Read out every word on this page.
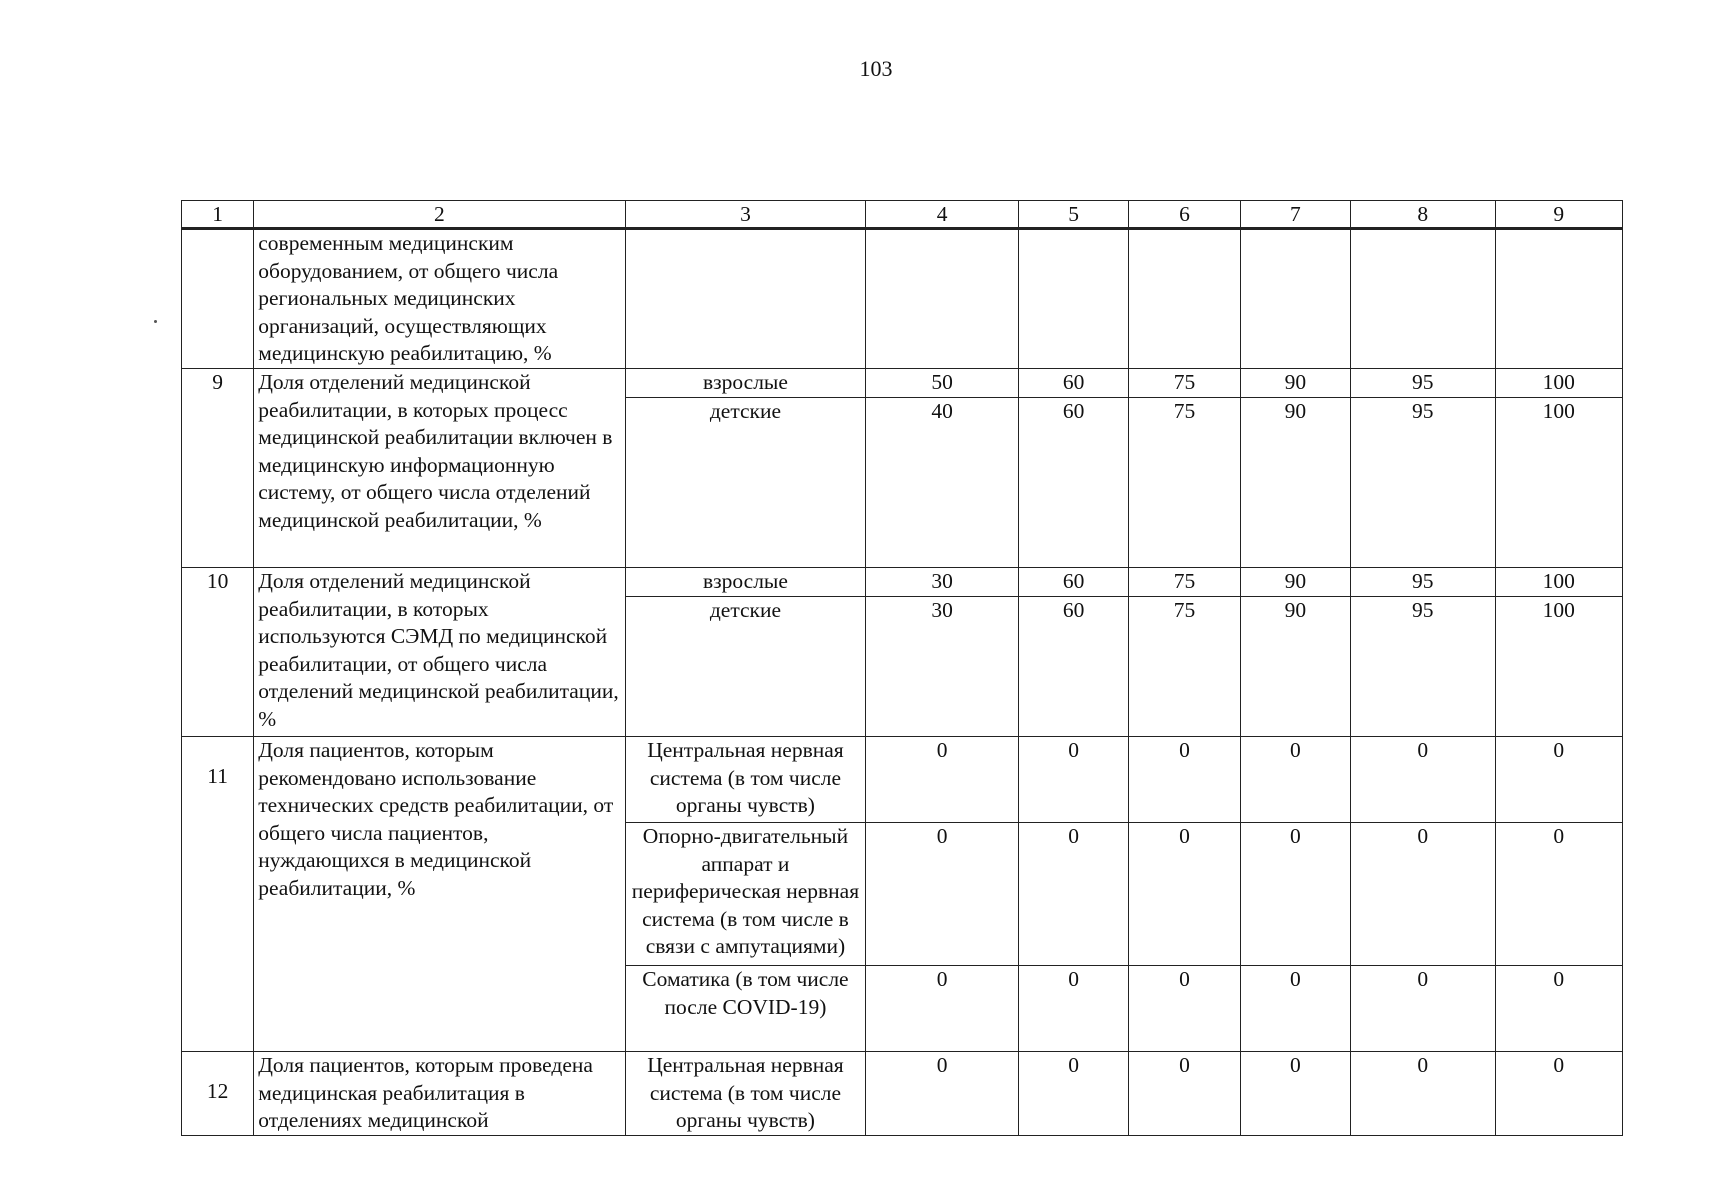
103
1	2	3	4	5	6	7	8	9
	современным медицинским оборудованием, от общего числа региональных медицинских организаций, осуществляющих медицинскую реабилитацию, %							
9	Доля отделений медицинской реабилитации, в которых процесс медицинской реабилитации включен в медицинскую информационную систему, от общего числа отделений медицинской реабилитации, %	взрослые	50	60	75	90	95	100
		детские	40	60	75	90	95	100
10	Доля отделений медицинской реабилитации, в которых используются СЭМД по медицинской реабилитации, от общего числа отделений медицинской реабилитации, %	взрослые	30	60	75	90	95	100
		детские	30	60	75	90	95	100
11	Доля пациентов, которым рекомендовано использование технических средств реабилитации, от общего числа пациентов, нуждающихся в медицинской реабилитации, %	Центральная нервная система (в том числе органы чувств)	0	0	0	0	0	0
		Опорно-двигательный аппарат и периферическая нервная система (в том числе в связи с ампутациями)	0	0	0	0	0	0
		Соматика (в том числе после COVID-19)	0	0	0	0	0	0
12	Доля пациентов, которым проведена медицинская реабилитация в отделениях медицинской	Центральная нервная система (в том числе органы чувств)	0	0	0	0	0	0
